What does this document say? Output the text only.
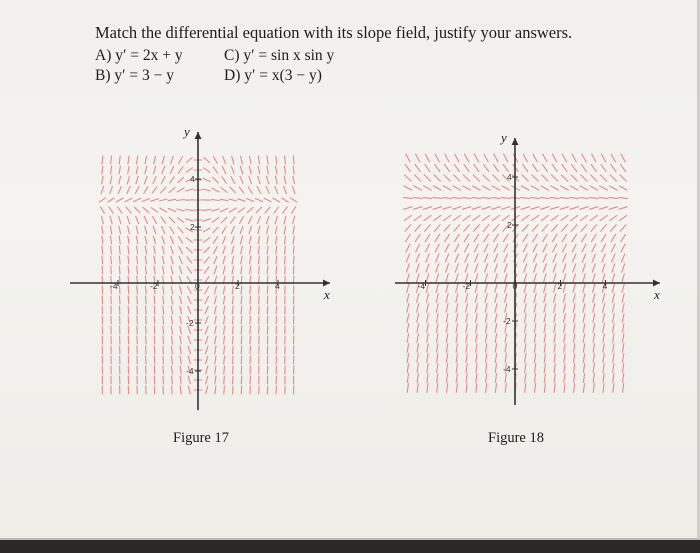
Match the differential equation with its slope field, justify your answers.
A) y′ = 2x + y
B) y′ = 3 − y
C) y′ = sin x sin y
D) y′ = x(3 − y)
x
y
-4	-2	0	2	4
4
2
-2
-4
x
y
-4	-2	0	2	4
4
2
-2
-4
Figure 17	Figure 18
